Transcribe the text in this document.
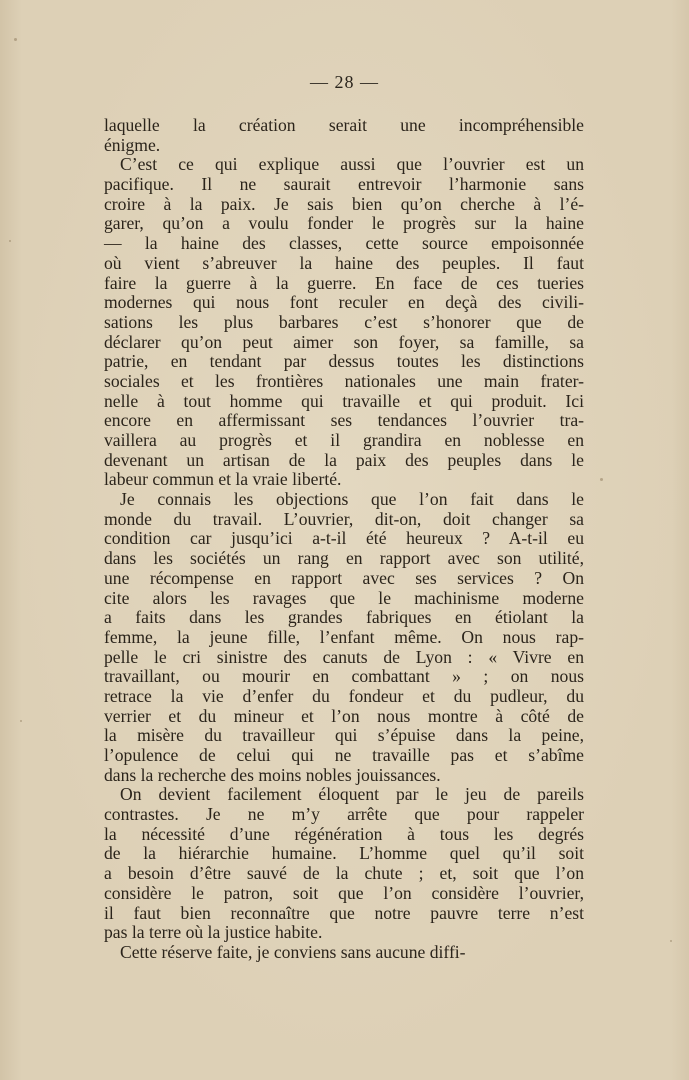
— 28 —
laquelle la création serait une incompréhensible
énigme.
C’est ce qui explique aussi que l’ouvrier est un
pacifique. Il ne saurait entrevoir l’harmonie sans
croire à la paix. Je sais bien qu’on cherche à l’é-
garer, qu’on a voulu fonder le progrès sur la haine
— la haine des classes, cette source empoisonnée
où vient s’abreuver la haine des peuples. Il faut
faire la guerre à la guerre. En face de ces tueries
modernes qui nous font reculer en deçà des civili-
sations les plus barbares c’est s’honorer que de
déclarer qu’on peut aimer son foyer, sa famille, sa
patrie, en tendant par dessus toutes les distinctions
sociales et les frontières nationales une main frater-
nelle à tout homme qui travaille et qui produit. Ici
encore en affermissant ses tendances l’ouvrier tra-
vaillera au progrès et il grandira en noblesse en
devenant un artisan de la paix des peuples dans le
labeur commun et la vraie liberté.
Je connais les objections que l’on fait dans le
monde du travail. L’ouvrier, dit-on, doit changer sa
condition car jusqu’ici a-t-il été heureux ? A-t-il eu
dans les sociétés un rang en rapport avec son utilité,
une récompense en rapport avec ses services ? On
cite alors les ravages que le machinisme moderne
a faits dans les grandes fabriques en étiolant la
femme, la jeune fille, l’enfant même. On nous rap-
pelle le cri sinistre des canuts de Lyon : « Vivre en
travaillant, ou mourir en combattant » ; on nous
retrace la vie d’enfer du fondeur et du pudleur, du
verrier et du mineur et l’on nous montre à côté de
la misère du travailleur qui s’épuise dans la peine,
l’opulence de celui qui ne travaille pas et s’abîme
dans la recherche des moins nobles jouissances.
On devient facilement éloquent par le jeu de pareils
contrastes. Je ne m’y arrête que pour rappeler
la nécessité d’une régénération à tous les degrés
de la hiérarchie humaine. L’homme quel qu’il soit
a besoin d’être sauvé de la chute ; et, soit que l’on
considère le patron, soit que l’on considère l’ouvrier,
il faut bien reconnaître que notre pauvre terre n’est
pas la terre où la justice habite.
Cette réserve faite, je conviens sans aucune diffi-
